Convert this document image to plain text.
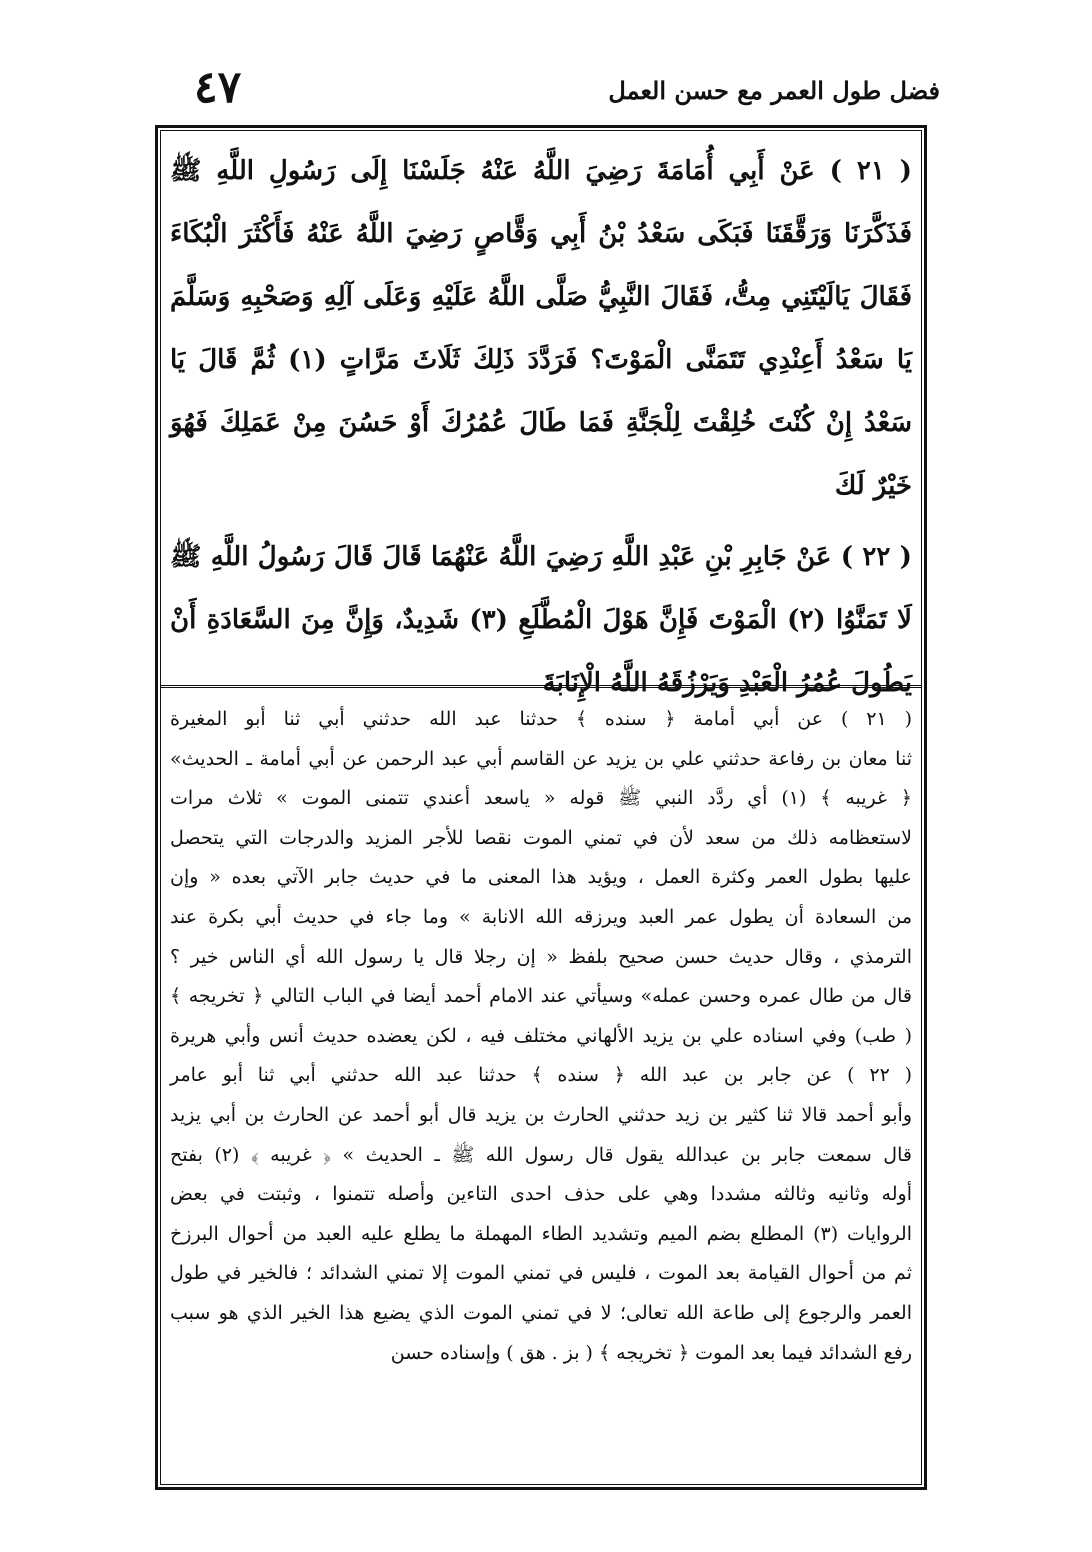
٤٧	فضل طول العمر مع حسن العمل

( ٢١ ) عَنْ أَبِي أُمَامَةَ رَضِيَ اللَّهُ عَنْهُ جَلَسْنَا إِلَى رَسُولِ اللَّهِ ﷺ فَذَكَّرَنَا وَرَقَّقَنَا فَبَكَى سَعْدُ بْنُ أَبِي وَقَّاصٍ رَضِيَ اللَّهُ عَنْهُ فَأَكْثَرَ الْبُكَاءَ فَقَالَ يَالَيْتَنِي مِتُّ، فَقَالَ النَّبِيُّ صَلَّى اللَّهُ عَلَيْهِ وَعَلَى آلِهِ وَصَحْبِهِ وَسَلَّمَ يَا سَعْدُ أَعِنْدِي تَتَمَنَّى الْمَوْتَ؟ فَرَدَّدَ ذَلِكَ ثَلَاثَ مَرَّاتٍ (١) ثُمَّ قَالَ يَا سَعْدُ إِنْ كُنْتَ خُلِقْتَ لِلْجَنَّةِ فَمَا طَالَ عُمُرُكَ أَوْ حَسُنَ مِنْ عَمَلِكَ فَهُوَ خَيْرٌ لَكَ

( ٢٢ ) عَنْ جَابِرِ بْنِ عَبْدِ اللَّهِ رَضِيَ اللَّهُ عَنْهُمَا قَالَ قَالَ رَسُولُ اللَّهِ ﷺ لَا تَمَنَّوُا (٢) الْمَوْتَ فَإِنَّ هَوْلَ الْمُطَّلَعِ (٣) شَدِيدٌ، وَإِنَّ مِنَ السَّعَادَةِ أَنْ يَطُولَ عُمُرُ الْعَبْدِ وَيَرْزُقَهُ اللَّهُ الْإِنَابَةَ

( ٢١ ) عن أبي أمامة ﴿ سنده ﴾ حدثنا عبد الله حدثني أبي ثنا أبو المغيرة

ثنا معان بن رفاعة حدثني علي بن يزيد عن القاسم أبي عبد الرحمن عن أبي أمامة ـ الحديث»

﴿ غريبه ﴾ (١) أي ردَّد النبي ﷺ قوله « ياسعد أعندي تتمنى الموت » ثلاث مرات

لاستعظامه ذلك من سعد لأن في تمني الموت نقصا للأجر المزيد والدرجات التي يتحصل

عليها بطول العمر وكثرة العمل ، ويؤيد هذا المعنى ما في حديث جابر الآتي بعده « وإن

من السعادة أن يطول عمر العبد ويرزقه الله الانابة » وما جاء في حديث أبي بكرة عند

الترمذي ، وقال حديث حسن صحيح بلفظ « إن رجلا قال يا رسول الله أي الناس خير ؟

قال من طال عمره وحسن عمله» وسيأتي عند الامام أحمد أيضا في الباب التالي ﴿ تخريجه ﴾

( طب) وفي اسناده علي بن يزيد الألهاني مختلف فيه ، لكن يعضده حديث أنس وأبي هريرة

( ٢٢ ) عن جابر بن عبد الله ﴿ سنده ﴾ حدثنا عبد الله حدثني أبي ثنا أبو عامر

وأبو أحمد قالا ثنا كثير بن زيد حدثني الحارث بن يزيد قال أبو أحمد عن الحارث بن أبي يزيد

قال سمعت جابر بن عبدالله يقول قال رسول الله ﷺ ـ الحديث » ﴿ غريبه ﴾ (٢) بفتح

أوله وثانيه وثالثه مشددا وهي على حذف احدى التاءين وأصله تتمنوا ، وثبتت في بعض

الروايات (٣) المطلع بضم الميم وتشديد الطاء المهملة ما يطلع عليه العبد من أحوال البرزخ

ثم من أحوال القيامة بعد الموت ، فليس في تمني الموت إلا تمني الشدائد ؛ فالخير في طول

العمر والرجوع إلى طاعة الله تعالى؛ لا في تمني الموت الذي يضيع هذا الخير الذي هو سبب

رفع الشدائد فيما بعد الموت ﴿ تخريجه ﴾ ( بز . هق ) وإسناده حسن
